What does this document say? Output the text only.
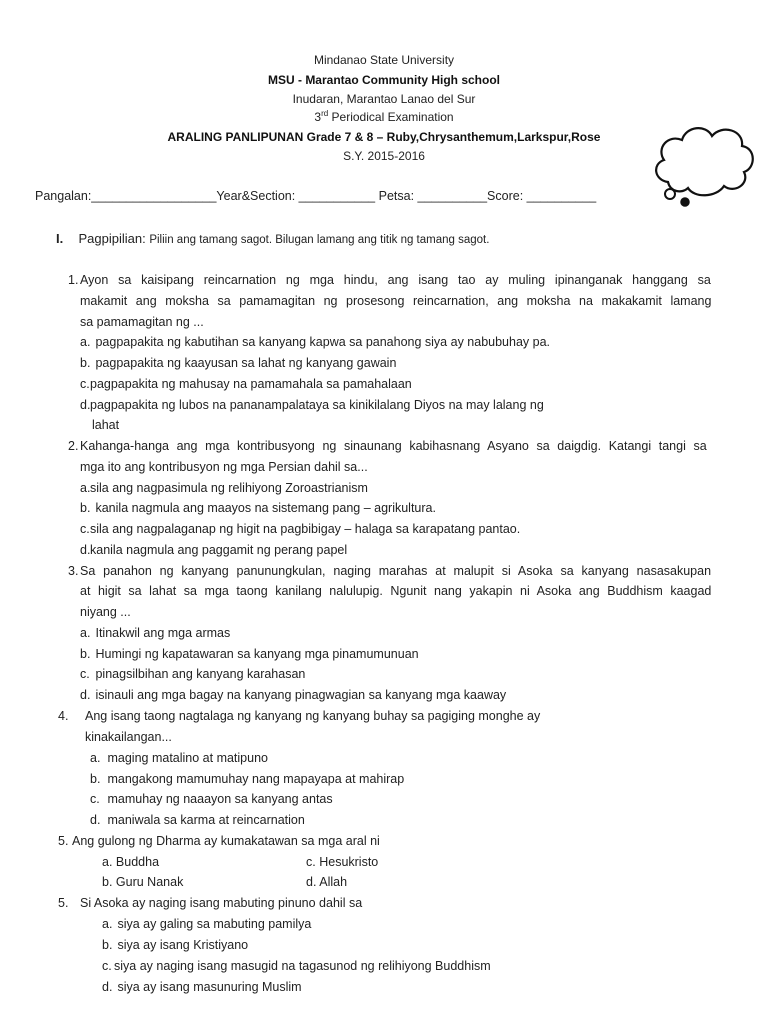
Mindanao State University
MSU - Marantao Community High school
Inudaran, Marantao Lanao del Sur
3rd Periodical Examination
ARALING PANLIPUNAN Grade 7 & 8 – Ruby,Chrysanthemum,Larkspur,Rose
S.Y. 2015-2016
Pangalan:__________________Year&Section: ___________ Petsa: __________Score: __________
I. Pagpipilian: Piliin ang tamang sagot. Bilugan lamang ang titik ng tamang sagot.
1. Ayon sa kaisipang reincarnation ng mga hindu, ang isang tao ay muling ipinanganak hanggang sa
makamit ang moksha sa pamamagitan ng prosesong reincarnation, ang moksha na makakamit lamang
sa pamamagitan ng ...
a. pagpapakita ng kabutihan sa kanyang kapwa sa panahong siya ay nabubuhay pa.
b. pagpapakita ng kaayusan sa lahat ng kanyang gawain
c.pagpapakita ng mahusay na pamamahala sa pamahalaan
d.pagpapakita ng lubos na pananampalataya sa kinikilalang Diyos na may lalang ng
lahat
2. Kahanga-hanga ang mga kontribusyong ng sinaunang kabihasnang Asyano sa daigdig. Katangi tangi sa
mga ito ang kontribusyon ng mga Persian dahil sa...
a.sila ang nagpasimula ng relihiyong Zoroastrianism
b. kanila nagmula ang maayos na sistemang pang – agrikultura.
c.sila ang nagpalaganap ng higit na pagbibigay – halaga sa karapatang pantao.
d.kanila nagmula ang paggamit ng perang papel
3. Sa panahon ng kanyang panunungkulan, naging marahas at malupit si Asoka sa kanyang nasasakupan
at higit sa lahat sa mga taong kanilang nalulupig. Ngunit nang yakapin ni Asoka ang Buddhism kaagad
niyang ...
a. Itinakwil ang mga armas
b. Humingi ng kapatawaran sa kanyang mga pinamumunuan
c. pinagsilbihan ang kanyang karahasan
d. isinauli ang mga bagay na kanyang pinagwagian sa kanyang mga kaaway
4. Ang isang taong nagtalaga ng kanyang ng kanyang buhay sa pagiging monghe ay
kinakailangan...
a. maging matalino at matipuno
b. mangakong mamumuhay nang mapayapa at mahirap
c. mamuhay ng naaayon sa kanyang antas
d. maniwala sa karma at reincarnation
5. Ang gulong ng Dharma ay kumakatawan sa mga aral ni
a. Buddha	c. Hesukristo
b. Guru Nanak	d. Allah
5. Si Asoka ay naging isang mabuting pinuno dahil sa
a. siya ay galing sa mabuting pamilya
b. siya ay isang Kristiyano
c. siya ay naging isang masugid na tagasunod ng relihiyong Buddhism
d. siya ay isang masunuring Muslim
